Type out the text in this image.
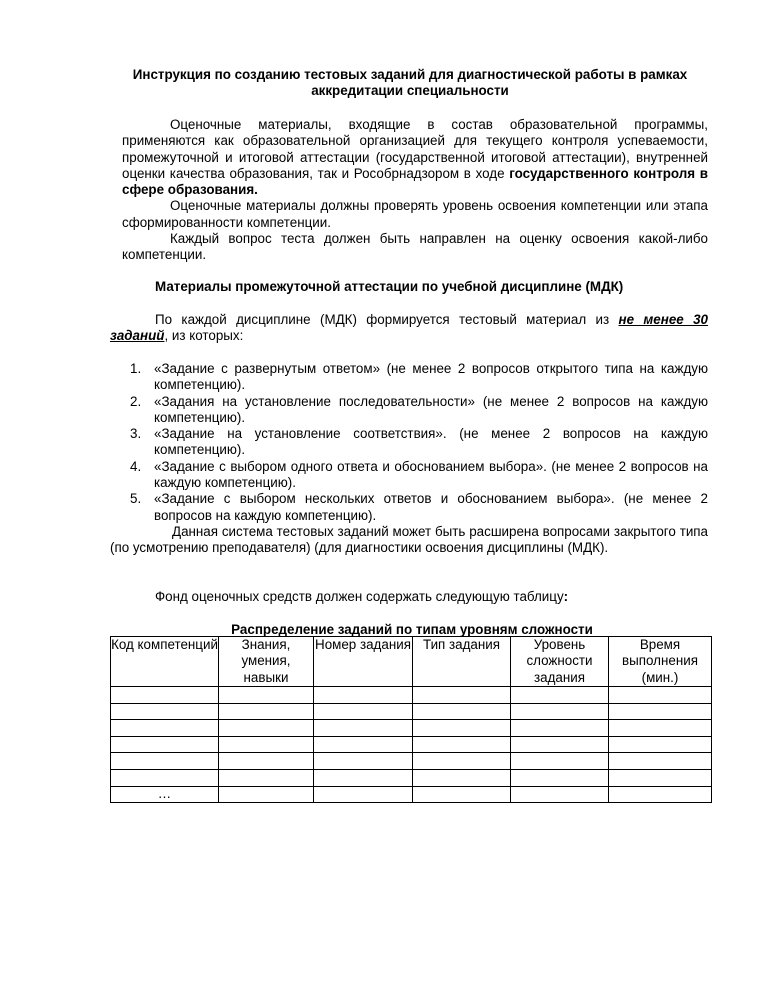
Инструкция по созданию тестовых заданий для диагностической работы в рамках аккредитации специальности

Оценочные материалы, входящие в состав образовательной программы, применяются как образовательной организацией для текущего контроля успеваемости, промежуточной и итоговой аттестации (государственной итоговой аттестации), внутренней оценки качества образования, так и Рособрнадзором в ходе государственного контроля в сфере образования.

Оценочные материалы должны проверять уровень освоения компетенции или этапа сформированности компетенции.

Каждый вопрос теста должен быть направлен на оценку освоения какой-либо компетенции.

Материалы промежуточной аттестации по учебной дисциплине (МДК)

По каждой дисциплине (МДК) формируется тестовый материал из не менее 30 заданий, из которых:

1. «Задание с развернутым ответом» (не менее 2 вопросов открытого типа на каждую компетенцию).
2. «Задания на установление последовательности» (не менее 2 вопросов на каждую компетенцию).
3. «Задание на установление соответствия». (не менее 2 вопросов на каждую компетенцию).
4. «Задание с выбором одного ответа и обоснованием выбора». (не менее 2 вопросов на каждую компетенцию).
5. «Задание с выбором нескольких ответов и обоснованием выбора». (не менее 2 вопросов на каждую компетенцию).

Данная система тестовых заданий может быть расширена вопросами закрытого типа (по усмотрению преподавателя) (для диагностики освоения дисциплины (МДК).

Фонд оценочных средств должен содержать следующую таблицу:
Распределение заданий по типам уровням сложности
Код компетенций	Знания, умения, навыки	Номер задания	Тип задания	Уровень сложности задания	Время выполнения (мин.)

…					
